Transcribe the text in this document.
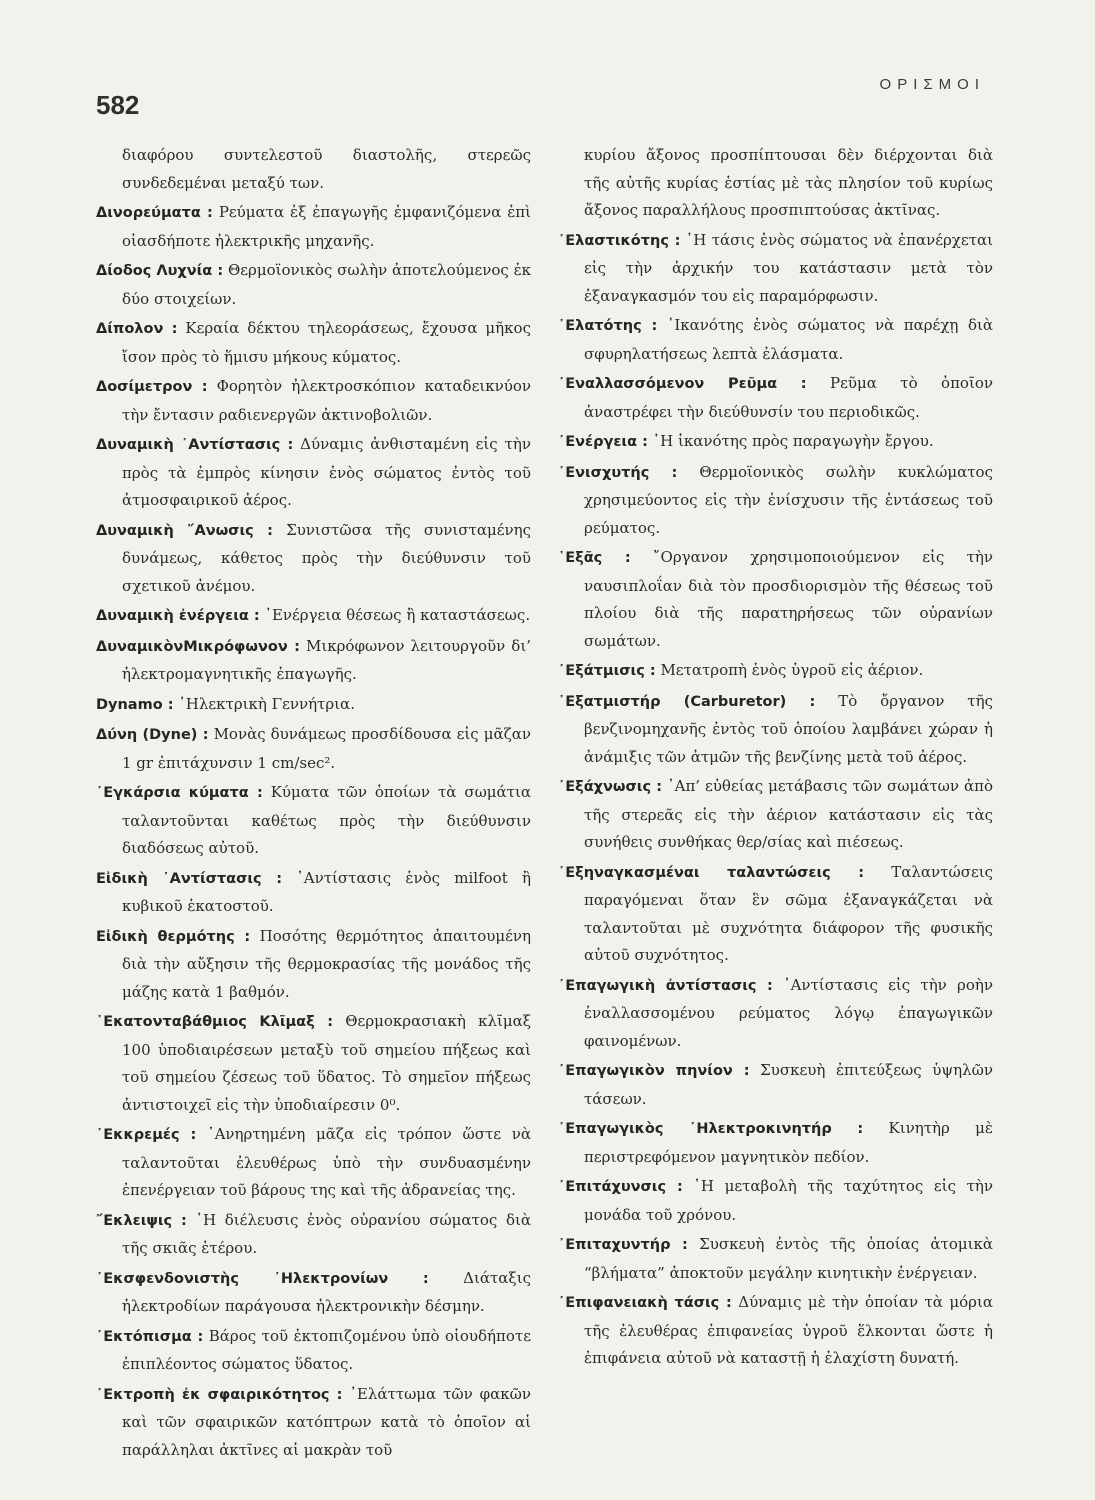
582
ΟΡΙΣΜΟΙ

διαφόρου συντελεστοῦ διαστολῆς, στερεῶς συνδεδεμέναι μεταξύ των.

Δινορεύματα : Ρεύματα ἐξ ἐπαγωγῆς ἐμφανιζόμενα ἐπὶ οἱασδήποτε ἠλεκτρικῆς μηχανῆς.

Δίοδος Λυχνία : Θερμοϊονικὸς σωλὴν ἀποτελούμενος ἐκ δύο στοιχείων.

Δίπολον : Κεραία δέκτου τηλεοράσεως, ἔχουσα μῆκος ἴσον πρὸς τὸ ἥμισυ μήκους κύματος.

Δοσίμετρον : Φορητὸν ἠλεκτροσκόπιον καταδεικνύον τὴν ἔντασιν ραδιενεργῶν ἀκτινοβολιῶν.

Δυναμικὴ ᾿Αντίστασις : Δύναμις ἀνθισταμένη εἰς τὴν πρὸς τὰ ἐμπρὸς κίνησιν ἑνὸς σώματος ἐντὸς τοῦ ἀτμοσφαιρικοῦ ἀέρος.

Δυναμικὴ ῎Ανωσις : Συνιστῶσα τῆς συνισταμένης δυνάμεως, κάθετος πρὸς τὴν διεύθυνσιν τοῦ σχετικοῦ ἀνέμου.

Δυναμικὴ ἐνέργεια : ᾿Ενέργεια θέσεως ἢ καταστάσεως.

ΔυναμικὸνΜικρόφωνον : Μικρόφωνον λειτουργοῦν δι’ ἠλεκτρομαγνητικῆς ἐπαγωγῆς.

Dynamo : ᾿Ηλεκτρικὴ Γεννήτρια.

Δύνη (Dyne) : Μονὰς δυνάμεως προσδίδουσα εἰς μᾶζαν 1 gr ἐπιτάχυνσιν 1 cm/sec².

᾿Εγκάρσια κύματα : Κύματα τῶν ὁποίων τὰ σωμάτια ταλαντοῦνται καθέτως πρὸς τὴν διεύθυνσιν διαδόσεως αὐτοῦ.

Εἰδικὴ ᾿Αντίστασις : ᾿Αντίστασις ἑνὸς milfoot ἢ κυβικοῦ ἑκατοστοῦ.

Εἰδικὴ θερμότης : Ποσότης θερμότητος ἀπαιτουμένη διὰ τὴν αὔξησιν τῆς θερμοκρασίας τῆς μονάδος τῆς μάζης κατὰ 1 βαθμόν.

῾Εκατονταβάθμιος Κλῖμαξ : Θερμοκρασιακὴ κλῖμαξ 100 ὑποδιαιρέσεων μεταξὺ τοῦ σημείου πήξεως καὶ τοῦ σημείου ζέσεως τοῦ ὕδατος. Τὸ σημεῖον πήξεως ἀντιστοιχεῖ εἰς τὴν ὑποδιαίρεσιν 0⁰.

᾿Εκκρεμές : ᾿Ανηρτημένη μᾶζα εἰς τρόπον ὥστε νὰ ταλαντοῦται ἐλευθέρως ὑπὸ τὴν συνδυασμένην ἐπενέργειαν τοῦ βάρους της καὶ τῆς ἀδρανείας της.

῎Εκλειψις : ῾Η διέλευσις ἑνὸς οὐρανίου σώματος διὰ τῆς σκιᾶς ἑτέρου.

᾿Εκσφενδονιστὴς ᾿Ηλεκτρονίων : Διάταξις ἠλεκτροδίων παράγουσα ἠλεκτρονικὴν δέσμην.

᾿Εκτόπισμα : Βάρος τοῦ ἐκτοπιζομένου ὑπὸ οἱουδήποτε ἐπιπλέοντος σώματος ὕδατος.

᾿Εκτροπὴ ἐκ σφαιρικότητος : ᾿Ελάττωμα τῶν φακῶν καὶ τῶν σφαιρικῶν κατόπτρων κατὰ τὸ ὁποῖον αἱ παράλληλαι ἀκτῖνες αἱ μακρὰν τοῦ

κυρίου ἄξονος προσπίπτουσαι δὲν διέρχονται διὰ τῆς αὐτῆς κυρίας ἑστίας μὲ τὰς πλησίον τοῦ κυρίως ἄξονος παραλλήλους προσπιπτούσας ἀκτῖνας.

᾿Ελαστικότης : ῾Η τάσις ἑνὸς σώματος νὰ ἐπανέρχεται εἰς τὴν ἀρχικήν του κατάστασιν μετὰ τὸν ἐξαναγκασμόν του εἰς παραμόρφωσιν.

᾿Ελατότης : ᾿Ικανότης ἑνὸς σώματος νὰ παρέχῃ διὰ σφυρηλατήσεως λεπτὰ ἐλάσματα.

᾿Εναλλασσόμενον Ρεῦμα : Ρεῦμα τὸ ὁποῖον ἀναστρέφει τὴν διεύθυνσίν του περιοδικῶς.

᾿Ενέργεια : ῾Η ἱκανότης πρὸς παραγωγὴν ἔργου.

᾿Ενισχυτής : Θερμοϊονικὸς σωλὴν κυκλώματος χρησιμεύοντος εἰς τὴν ἐνίσχυσιν τῆς ἐντάσεως τοῦ ρεύματος.

῾Εξᾶς : ῎Οργανον χρησιμοποιούμενον εἰς τὴν ναυσιπλοΐαν διὰ τὸν προσδιορισμὸν τῆς θέσεως τοῦ πλοίου διὰ τῆς παρατηρήσεως τῶν οὐρανίων σωμάτων.

᾿Εξάτμισις : Μετατροπὴ ἑνὸς ὑγροῦ εἰς ἀέριον.

᾿Εξατμιστήρ (Carburetor) : Τὸ ὄργανον τῆς βενζινομηχανῆς ἐντὸς τοῦ ὁποίου λαμβάνει χώραν ἡ ἀνάμιξις τῶν ἀτμῶν τῆς βενζίνης μετὰ τοῦ ἀέρος.

᾿Εξάχνωσις : ᾿Απ’ εὐθείας μετάβασις τῶν σωμάτων ἀπὸ τῆς στερεᾶς εἰς τὴν ἀέριον κατάστασιν εἰς τὰς συνήθεις συνθήκας θερ/σίας καὶ πιέσεως.

᾿Εξηναγκασμέναι ταλαντώσεις : Ταλαντώσεις παραγόμεναι ὅταν ἓν σῶμα ἐξαναγκάζεται νὰ ταλαντοῦται μὲ συχνότητα διάφορον τῆς φυσικῆς αὐτοῦ συχνότητος.

᾿Επαγωγικὴ ἀντίστασις : ᾿Αντίστασις εἰς τὴν ροὴν ἐναλλασσομένου ρεύματος λόγῳ ἐπαγωγικῶν φαινομένων.

᾿Επαγωγικὸν πηνίον : Συσκευὴ ἐπιτεύξεως ὑψηλῶν τάσεων.

᾿Επαγωγικὸς ᾿Ηλεκτροκινητήρ : Κινητὴρ μὲ περιστρεφόμενον μαγνητικὸν πεδίον.

᾿Επιτάχυνσις : ῾Η μεταβολὴ τῆς ταχύτητος εἰς τὴν μονάδα τοῦ χρόνου.

᾿Επιταχυντήρ : Συσκευὴ ἐντὸς τῆς ὁποίας ἀτομικὰ “βλήματα” ἀποκτοῦν μεγάλην κινητικὴν ἐνέργειαν.

᾿Επιφανειακὴ τάσις : Δύναμις μὲ τὴν ὁποίαν τὰ μόρια τῆς ἐλευθέρας ἐπιφανείας ὑγροῦ ἕλκονται ὥστε ἡ ἐπιφάνεια αὐτοῦ νὰ καταστῇ ἡ ἐλαχίστη δυνατή.
